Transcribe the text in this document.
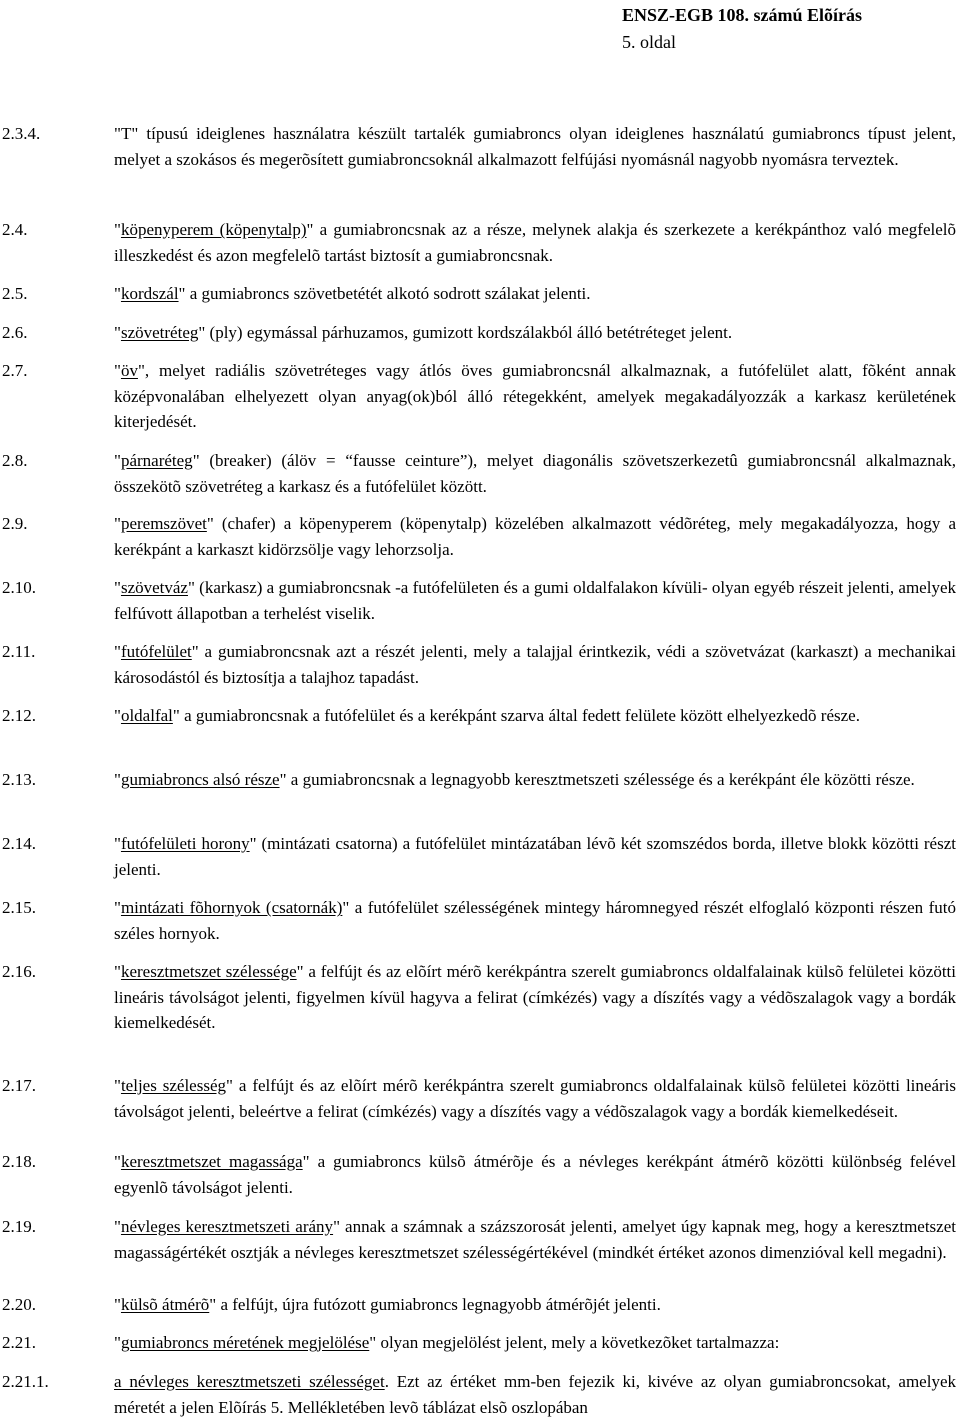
ENSZ-EGB 108. számú Elõírás
5. oldal
2.3.4.	"T" típusú ideiglenes használatra készült tartalék gumiabroncs olyan ideiglenes használatú gumiabroncs típust jelent, melyet a szokásos és megerõsített gumiabroncsoknál alkalmazott felfújási nyomásnál nagyobb nyomásra terveztek.
2.4.	"köpenyperem (köpenytalp)" a gumiabroncsnak az a része, melynek alakja és szerkezete a kerékpánthoz való megfelelõ illeszkedést és azon megfelelõ tartást biztosít a gumiabroncsnak.
2.5.	"kordszál" a gumiabroncs szövetbetétét alkotó sodrott szálakat jelenti.
2.6.	"szövetréteg" (ply) egymással párhuzamos, gumizott kordszálakból álló betétréteget jelent.
2.7.	"öv", melyet radiális szövetréteges vagy átlós öves gumiabroncsnál alkalmaznak, a futófelület alatt, fõként annak középvonalában elhelyezett olyan anyag(ok)ból álló rétegekként, amelyek megakadályozzák a karkasz kerületének kiterjedését.
2.8.	"párnaréteg" (breaker) (álöv = “fausse ceinture”), melyet diagonális szövetszerkezetû gumiabroncsnál alkalmaznak, összekötõ szövetréteg a karkasz és a futófelület között.
2.9.	"peremszövet" (chafer) a köpenyperem (köpenytalp) közelében alkalmazott védõréteg, mely megakadályozza, hogy a kerékpánt a karkaszt kidörzsölje vagy lehorzsolja.
2.10.	"szövetváz" (karkasz) a gumiabroncsnak -a futófelületen és a gumi oldalfalakon kívüli- olyan egyéb részeit jelenti, amelyek felfúvott állapotban a terhelést viselik.
2.11.	"futófelület" a gumiabroncsnak azt a részét jelenti, mely a talajjal érintkezik, védi a szövetvázat (karkaszt) a mechanikai károsodástól és biztosítja a talajhoz tapadást.
2.12.	"oldalfal" a gumiabroncsnak a futófelület és a kerékpánt szarva által fedett felülete között elhelyezkedõ része.
2.13.	"gumiabroncs alsó része" a gumiabroncsnak a legnagyobb keresztmetszeti szélessége és a kerékpánt éle közötti része.
2.14.	"futófelületi horony" (mintázati csatorna) a futófelület mintázatában lévõ két szomszédos borda, illetve blokk közötti részt jelenti.
2.15.	"mintázati fõhornyok (csatornák)" a futófelület szélességének mintegy háromnegyed részét elfoglaló központi részen futó széles hornyok.
2.16.	"keresztmetszet szélessége" a felfújt és az elõírt mérõ kerékpántra szerelt gumiabroncs oldalfalainak külsõ felületei közötti lineáris távolságot jelenti, figyelmen kívül hagyva a felirat (címkézés) vagy a díszítés vagy a védõszalagok vagy a bordák kiemelkedését.
2.17.	"teljes szélesség" a felfújt és az elõírt mérõ kerékpántra szerelt gumiabroncs oldalfalainak külsõ felületei közötti lineáris távolságot jelenti, beleértve a felirat (címkézés) vagy a díszítés vagy a védõszalagok vagy a bordák kiemelkedéseit.
2.18.	"keresztmetszet magassága" a gumiabroncs külsõ átmérõje és a névleges kerékpánt átmérõ közötti különbség felével egyenlõ távolságot jelenti.
2.19.	"névleges keresztmetszeti arány" annak a számnak a százszorosát jelenti, amelyet úgy kapnak meg, hogy a keresztmetszet magasságértékét osztják a névleges keresztmetszet szélességértékével (mindkét értéket azonos dimenzióval kell megadni).
2.20.	"külsõ átmérõ" a felfújt, újra futózott gumiabroncs legnagyobb átmérõjét jelenti.
2.21.	"gumiabroncs méretének megjelölése" olyan megjelölést jelent, mely a következõket tartalmazza:
2.21.1.	a névleges keresztmetszeti szélességet. Ezt az értéket mm-ben fejezik ki, kivéve az olyan gumiabroncsokat, amelyek méretét a jelen Elõírás 5. Mellékletében levõ táblázat elsõ oszlopában
